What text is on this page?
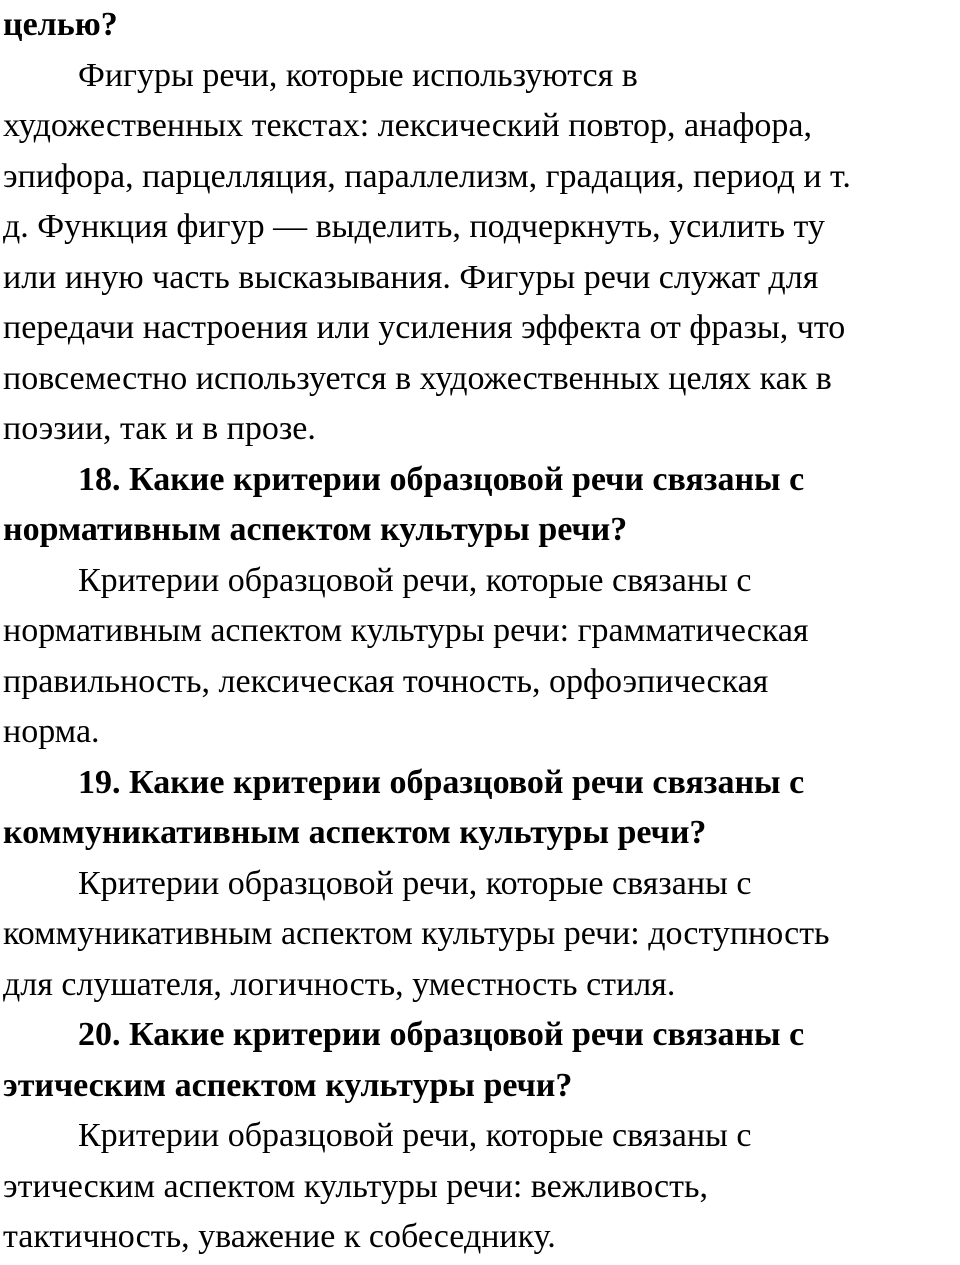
целью?
Фигуры речи, которые используются в
художественных текстах: лексический повтор, анафора,
эпифора, парцелляция, параллелизм, градация, период и т.
д. Функция фигур — выделить, подчеркнуть, усилить ту
или иную часть высказывания. Фигуры речи служат для
передачи настроения или усиления эффекта от фразы, что
повсеместно используется в художественных целях как в
поэзии, так и в прозе.
18. Какие критерии образцовой речи связаны с
нормативным аспектом культуры речи?
Критерии образцовой речи, которые связаны с
нормативным аспектом культуры речи: грамматическая
правильность, лексическая точность, орфоэпическая
норма.
19. Какие критерии образцовой речи связаны с
коммуникативным аспектом культуры речи?
Критерии образцовой речи, которые связаны с
коммуникативным аспектом культуры речи: доступность
для слушателя, логичность, уместность стиля.
20. Какие критерии образцовой речи связаны с
этическим аспектом культуры речи?
Критерии образцовой речи, которые связаны с
этическим аспектом культуры речи: вежливость,
тактичность, уважение к собеседнику.
